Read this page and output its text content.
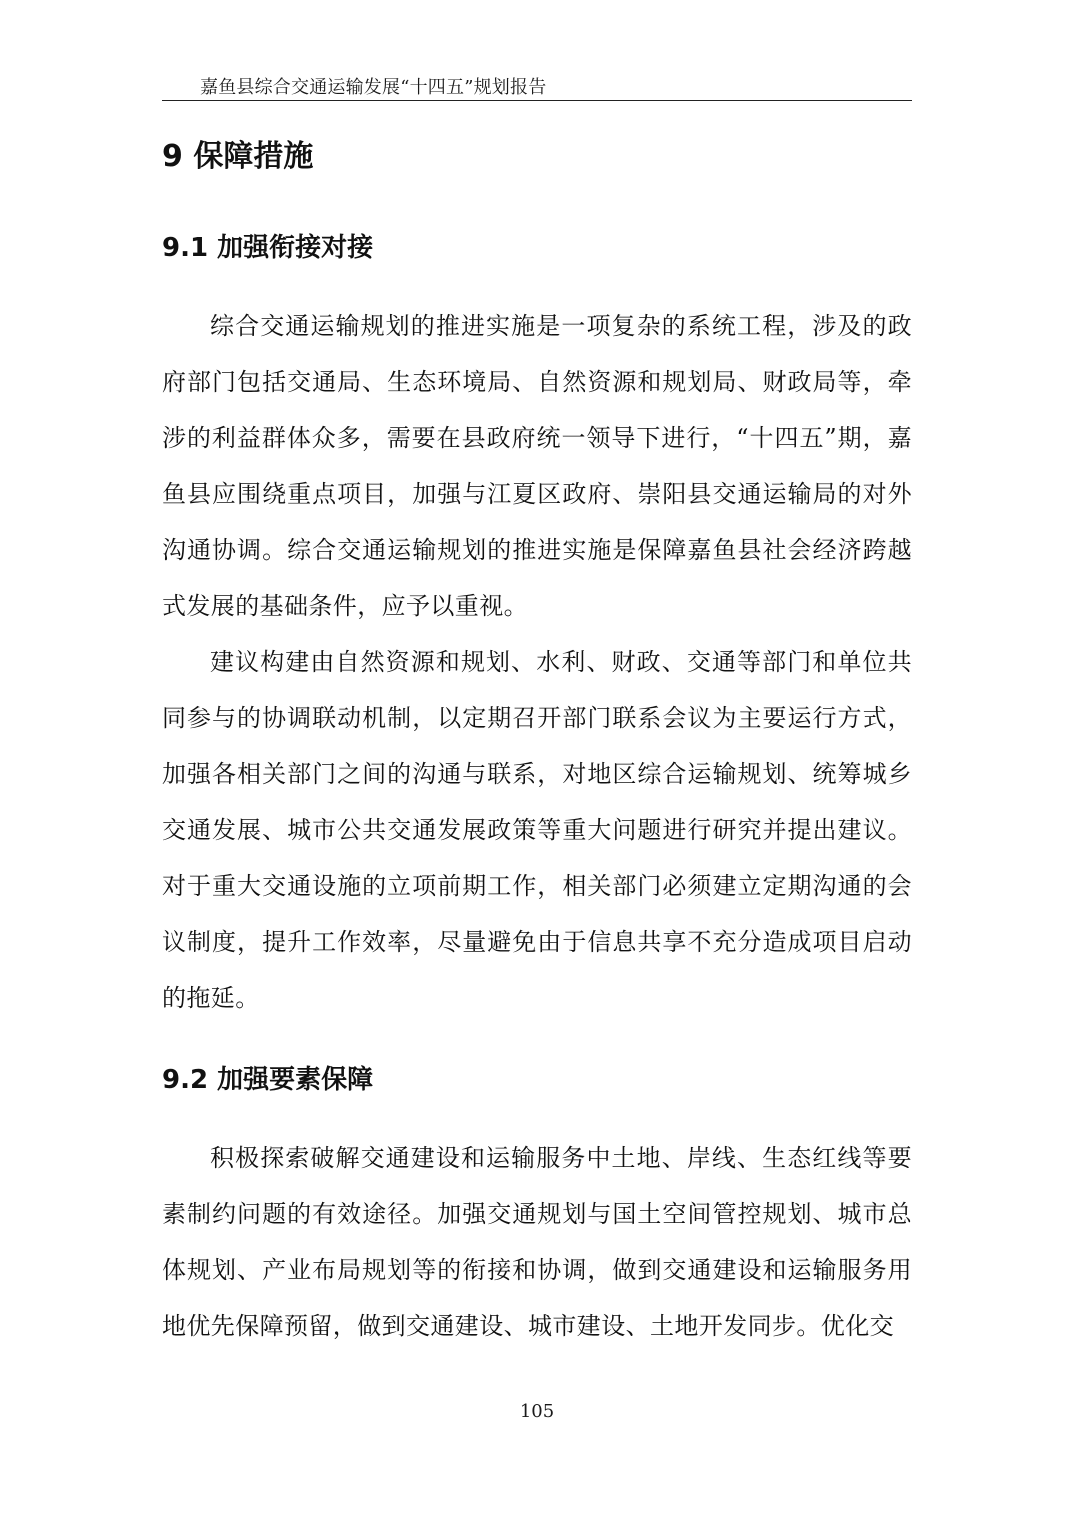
嘉鱼县综合交通运输发展“十四五”规划报告
9 保障措施
9.1 加强衔接对接

综合交通运输规划的推进实施是一项复杂的系统工程，涉及的政府部门包括交通局、生态环境局、自然资源和规划局、财政局等，牵涉的利益群体众多，需要在县政府统一领导下进行，“十四五”期，嘉鱼县应围绕重点项目，加强与江夏区政府、崇阳县交通运输局的对外沟通协调。综合交通运输规划的推进实施是保障嘉鱼县社会经济跨越式发展的基础条件，应予以重视。

建议构建由自然资源和规划、水利、财政、交通等部门和单位共同参与的协调联动机制，以定期召开部门联系会议为主要运行方式，加强各相关部门之间的沟通与联系，对地区综合运输规划、统筹城乡交通发展、城市公共交通发展政策等重大问题进行研究并提出建议。对于重大交通设施的立项前期工作，相关部门必须建立定期沟通的会议制度，提升工作效率，尽量避免由于信息共享不充分造成项目启动的拖延。

9.2 加强要素保障

积极探索破解交通建设和运输服务中土地、岸线、生态红线等要素制约问题的有效途径。加强交通规划与国土空间管控规划、城市总体规划、产业布局规划等的衔接和协调，做到交通建设和运输服务用地优先保障预留，做到交通建设、城市建设、土地开发同步。优化交

105
